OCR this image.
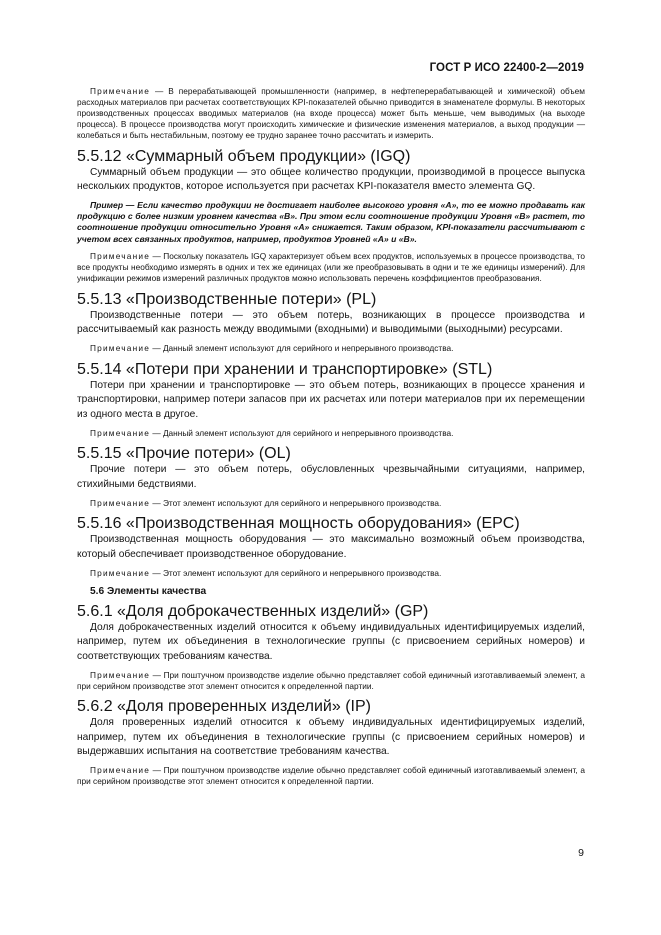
ГОСТ Р ИСО 22400-2—2019

Примечание — В перерабатывающей промышленности (например, в нефтеперерабатывающей и химической) объем расходных материалов при расчетах соответствующих KPI-показателей обычно приводится в знаменателе формулы. В некоторых производственных процессах вводимых материалов (на входе процесса) может быть меньше, чем выводимых (на выходе процесса). В процессе производства могут происходить химические и физические изменения материалов, а выход продукции — колебаться и быть нестабильным, поэтому ее трудно заранее точно рассчитать и измерить.

5.5.12 «Суммарный объем продукции» (IGQ)

Суммарный объем продукции — это общее количество продукции, производимой в процессе выпуска нескольких продуктов, которое используется при расчетах KPI-показателя вместо элемента GQ.

Пример — Если качество продукции не достигает наиболее высокого уровня «А», то ее можно продавать как продукцию с более низким уровнем качества «В». При этом если соотношение продукции Уровня «В» растет, то соотношение продукции относительно Уровня «А» снижается. Таким образом, KPI-показатели рассчитывают с учетом всех связанных продуктов, например, продуктов Уровней «А» и «В».

Примечание — Поскольку показатель IGQ характеризует объем всех продуктов, используемых в процессе производства, то все продукты необходимо измерять в одних и тех же единицах (или же преобразовывать в одни и те же единицы измерений). Для унификации режимов измерений различных продуктов можно использовать перечень коэффициентов преобразования.

5.5.13 «Производственные потери» (PL)

Производственные потери — это объем потерь, возникающих в процессе производства и рассчитываемый как разность между вводимыми (входными) и выводимыми (выходными) ресурсами.

Примечание — Данный элемент используют для серийного и непрерывного производства.

5.5.14 «Потери при хранении и транспортировке» (STL)

Потери при хранении и транспортировке — это объем потерь, возникающих в процессе хранения и транспортировки, например потери запасов при их расчетах или потери материалов при их перемещении из одного места в другое.

Примечание — Данный элемент используют для серийного и непрерывного производства.

5.5.15 «Прочие потери» (OL)

Прочие потери — это объем потерь, обусловленных чрезвычайными ситуациями, например, стихийными бедствиями.

Примечание — Этот элемент используют для серийного и непрерывного производства.

5.5.16 «Производственная мощность оборудования» (EPC)

Производственная мощность оборудования — это максимально возможный объем производства, который обеспечивает производственное оборудование.

Примечание — Этот элемент используют для серийного и непрерывного производства.

5.6 Элементы качества

5.6.1 «Доля доброкачественных изделий» (GP)

Доля доброкачественных изделий относится к объему индивидуальных идентифицируемых изделий, например, путем их объединения в технологические группы (с присвоением серийных номеров) и соответствующих требованиям качества.

Примечание — При поштучном производстве изделие обычно представляет собой единичный изготавливаемый элемент, а при серийном производстве этот элемент относится к определенной партии.

5.6.2 «Доля проверенных изделий» (IP)

Доля проверенных изделий относится к объему индивидуальных идентифицируемых изделий, например, путем их объединения в технологические группы (с присвоением серийных номеров) и выдержавших испытания на соответствие требованиям качества.

Примечание — При поштучном производстве изделие обычно представляет собой единичный изготавливаемый элемент, а при серийном производстве этот элемент относится к определенной партии.

9
